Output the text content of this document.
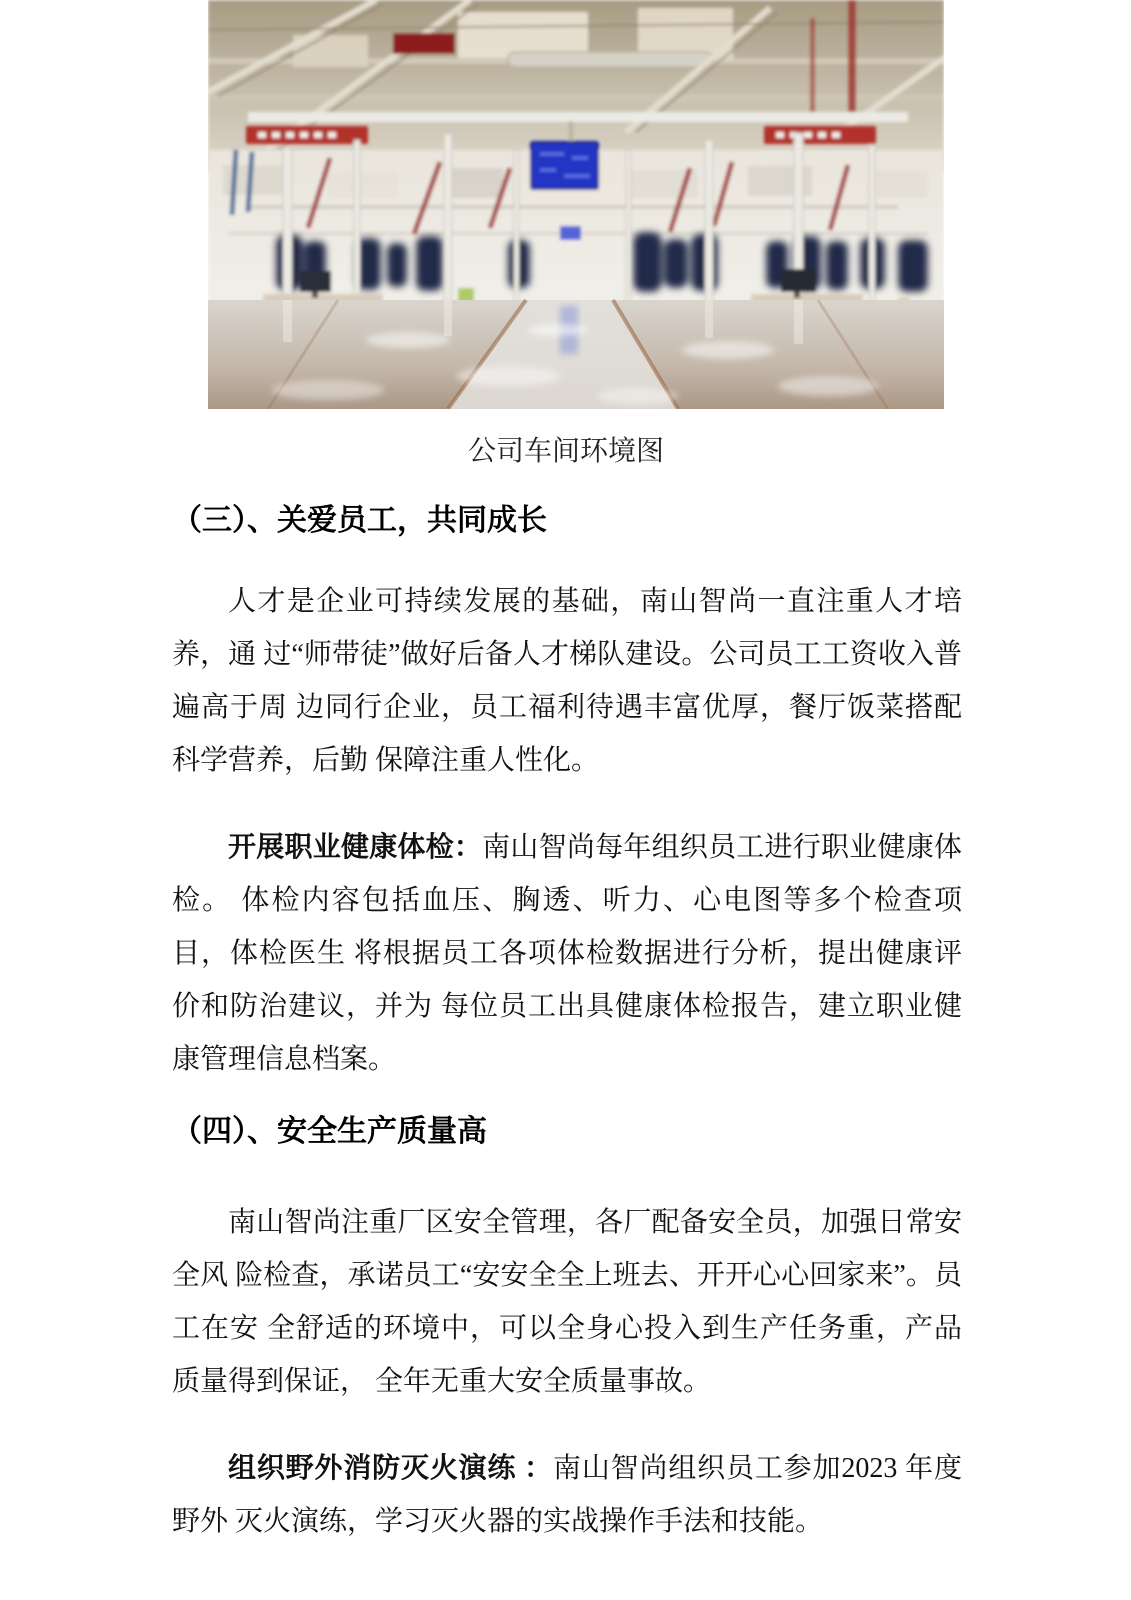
公司车间环境图
（三）、关爱员工，共同成长

人才是企业可持续发展的基础，南山智尚一直注重人才培养，通 过“师带徒”做好后备人才梯队建设。公司员工工资收入普遍高于周 边同行企业，员工福利待遇丰富优厚，餐厅饭菜搭配科学营养，后勤 保障注重人性化。

开展职业健康体检：南山智尚每年组织员工进行职业健康体检。 体检内容包括血压、胸透、听力、心电图等多个检查项目，体检医生 将根据员工各项体检数据进行分析，提出健康评价和防治建议，并为 每位员工出具健康体检报告，建立职业健康管理信息档案。

（四）、安全生产质量高

南山智尚注重厂区安全管理，各厂配备安全员，加强日常安全风 险检查，承诺员工“安安全全上班去、开开心心回家来”。员工在安 全舒适的环境中，可以全身心投入到生产任务重，产品质量得到保证， 全年无重大安全质量事故。

组织野外消防灭火演练 ：南山智尚组织员工参加2023 年度野外 灭火演练，学习灭火器的实战操作手法和技能。
